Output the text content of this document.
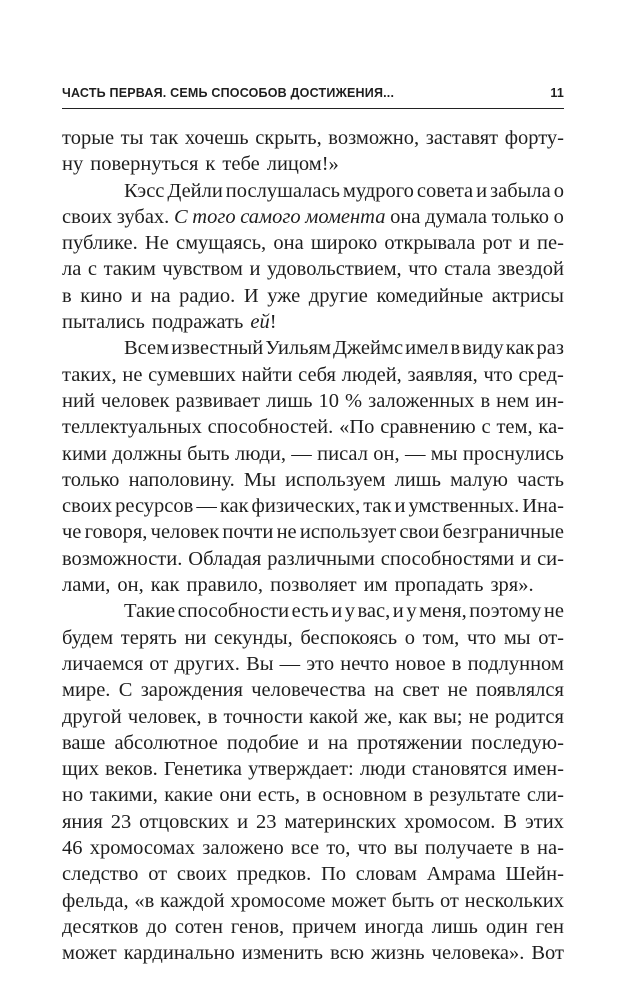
ЧАСТЬ ПЕРВАЯ. СЕМЬ СПОСОБОВ ДОСТИЖЕНИЯ...	11
торые ты так хочешь скрыть, возможно, заставят форту-
ну повернуться к тебе лицом!»
Кэсс Дейли послушалась мудрого совета и забыла о
своих зубах. С того самого момента она думала только о
публике. Не смущаясь, она широко открывала рот и пе-
ла с таким чувством и удовольствием, что стала звездой
в кино и на радио. И уже другие комедийные актрисы
пытались подражать ей!
Всем известный Уильям Джеймс имел в виду как раз
таких, не сумевших найти себя людей, заявляя, что сред-
ний человек развивает лишь 10 % заложенных в нем ин-
теллектуальных способностей. «По сравнению с тем, ка-
кими должны быть люди, — писал он, — мы проснулись
только наполовину. Мы используем лишь малую часть
своих ресурсов — как физических, так и умственных. Ина-
че говоря, человек почти не использует свои безграничные
возможности. Обладая различными способностями и си-
лами, он, как правило, позволяет им пропадать зря».
Такие способности есть и у вас, и у меня, поэтому не
будем терять ни секунды, беспокоясь о том, что мы от-
личаемся от других. Вы — это нечто новое в подлунном
мире. С зарождения человечества на свет не появлялся
другой человек, в точности какой же, как вы; не родится
ваше абсолютное подобие и на протяжении последую-
щих веков. Генетика утверждает: люди становятся имен-
но такими, какие они есть, в основном в результате сли-
яния 23 отцовских и 23 материнских хромосом. В этих
46 хромосомах заложено все то, что вы получаете в на-
следство от своих предков. По словам Амрама Шейн-
фельда, «в каждой хромосоме может быть от нескольких
десятков до сотен генов, причем иногда лишь один ген
может кардинально изменить всю жизнь человека». Вот
